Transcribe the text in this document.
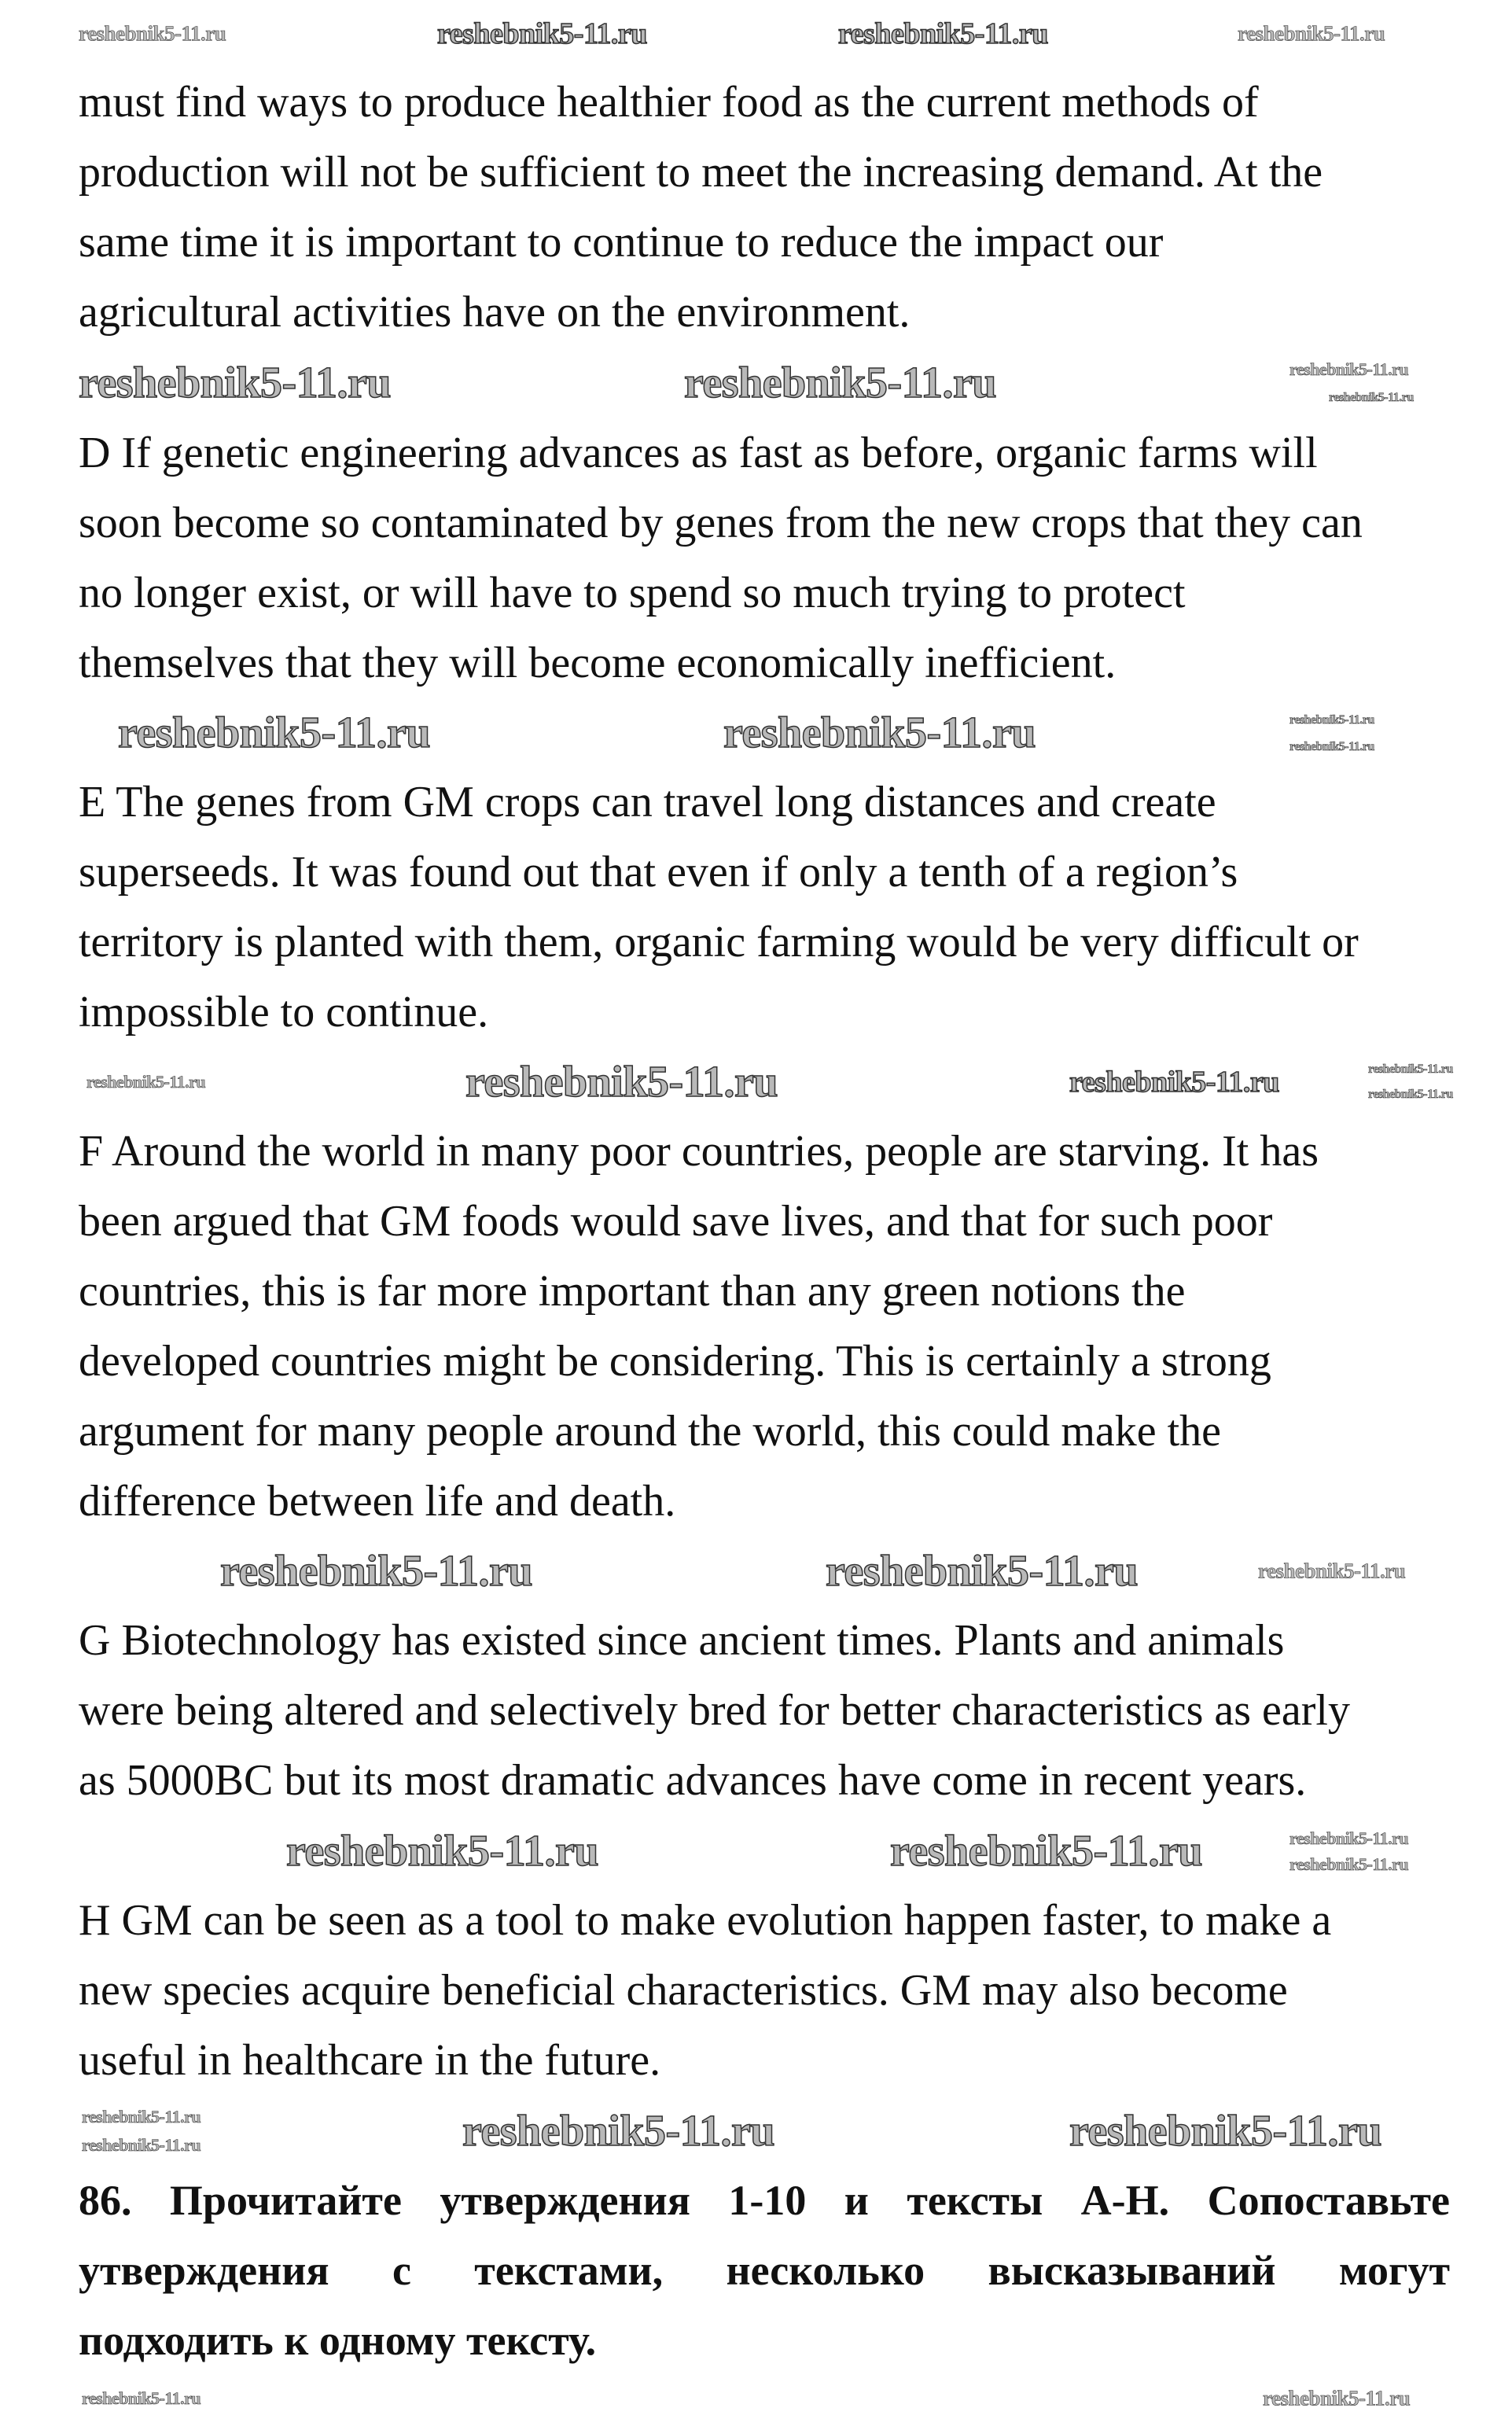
must find ways to produce healthier food as the current methods of
production will not be sufficient to meet the increasing demand. At the
same time it is important to continue to reduce the impact our
agricultural activities have on the environment.
D If genetic engineering advances as fast as before, organic farms will
soon become so contaminated by genes from the new crops that they can
no longer exist, or will have to spend so much trying to protect
themselves that they will become economically inefficient.
E The genes from GM crops can travel long distances and create
superseeds. It was found out that even if only a tenth of a region’s
territory is planted with them, organic farming would be very difficult or
impossible to continue.
F Around the world in many poor countries, people are starving. It has
been argued that GM foods would save lives, and that for such poor
countries, this is far more important than any green notions the
developed countries might be considering. This is certainly a strong
argument for many people around the world, this could make the
difference between life and death.
G Biotechnology has existed since ancient times. Plants and animals
were being altered and selectively bred for better characteristics as early
as 5000BC but its most dramatic advances have come in recent years.
H GM can be seen as a tool to make evolution happen faster, to make a
new species acquire beneficial characteristics. GM may also become
useful in healthcare in the future.
86. Прочитайте утверждения 1-10 и тексты А-Н. Сопоставьте
утверждения с текстами, несколько высказываний могут
подходить к одному тексту.
reshebnik5-11.ru	reshebnik5-11.ru	reshebnik5-11.ru	reshebnik5-11.ru
reshebnik5-11.ru	reshebnik5-11.ru	reshebnik5-11.ru
reshebnik5-11.ru
reshebnik5-11.ru	reshebnik5-11.ru	reshebnik5-11.ru
reshebnik5-11.ru
reshebnik5-11.ru
reshebnik5-11.ru	reshebnik5-11.ru	reshebnik5-11.ru
reshebnik5-11.ru
reshebnik5-11.ru	reshebnik5-11.ru	reshebnik5-11.ru
reshebnik5-11.ru	reshebnik5-11.ru	reshebnik5-11.ru
reshebnik5-11.ru
reshebnik5-11.ru
reshebnik5-11.ru	reshebnik5-11.ru
reshebnik5-11.ru
reshebnik5-11.ru	reshebnik5-11.ru
